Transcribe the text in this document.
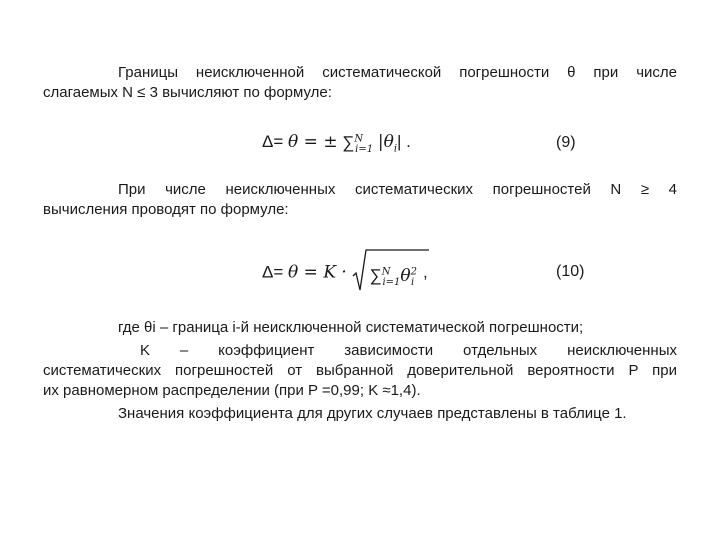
Границы неисключенной систематической погрешности θ при числе
слагаемых N ≤ 3 вычисляют по формуле:
Δ= θ = ± ∑$^N_{i=1}$ $|\theta_i|$ .	(9)
При числе неисключенных систематических погрешностей N ≥ 4
вычисления проводят по формуле:
$\Delta= \theta = K \cdot \sum^N_{i=1}\theta^2_i$ ,	(10)
где θi – граница i-й неисключенной систематической погрешности;
K – коэффициент зависимости отдельных неисключенных
систематических погрешностей от выбранной доверительной вероятности P при
их равномерном распределении (при P =0,99; K ≈1,4).
Значения коэффициента для других случаев представлены в таблице 1.
